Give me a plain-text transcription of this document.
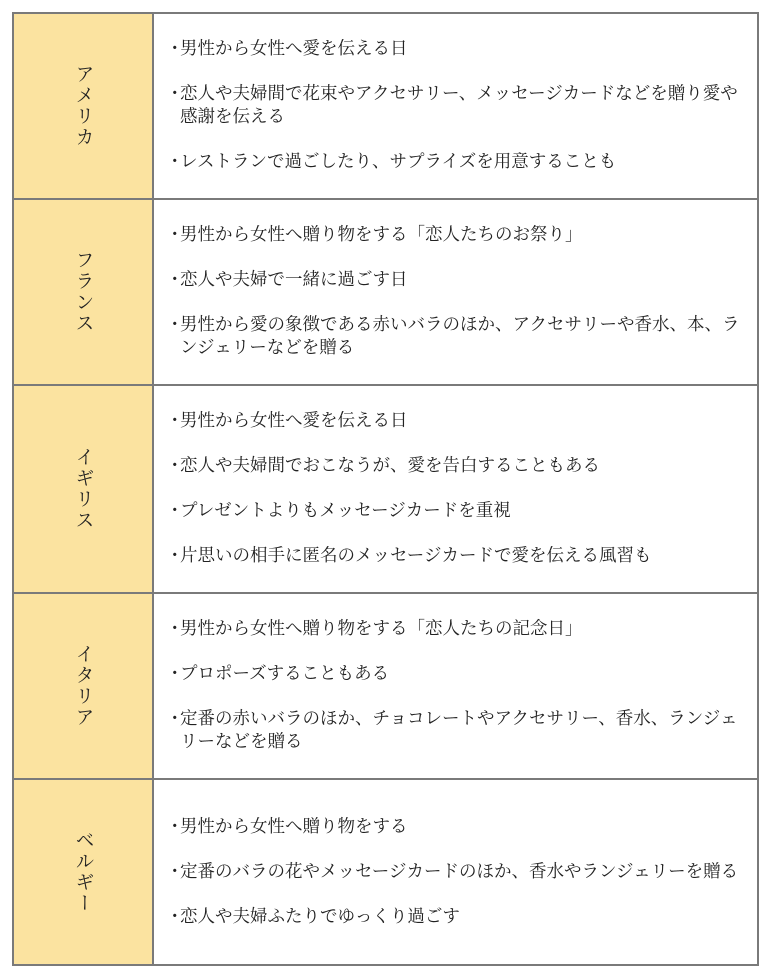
アメリカ
・
男性から女性へ愛を伝える日
・
恋人や夫婦間で花束やアクセサリー、メッセージカードなどを贈り愛や感謝を伝える
・
レストランで過ごしたり、サプライズを用意することも
フランス
・
男性から女性へ贈り物をする「恋人たちのお祭り」
・
恋人や夫婦で一緒に過ごす日
・
男性から愛の象徴である赤いバラのほか、アクセサリーや香水、本、ランジェリーなどを贈る
イギリス
・
男性から女性へ愛を伝える日
・
恋人や夫婦間でおこなうが、愛を告白することもある
・
プレゼントよりもメッセージカードを重視
・
片思いの相手に匿名のメッセージカードで愛を伝える風習も
イタリア
・
男性から女性へ贈り物をする「恋人たちの記念日」
・
プロポーズすることもある
・
定番の赤いバラのほか、チョコレートやアクセサリー、香水、ランジェリーなどを贈る
ベルギー
・
男性から女性へ贈り物をする
・
定番のバラの花やメッセージカードのほか、香水やランジェリーを贈る
・
恋人や夫婦ふたりでゆっくり過ごす
